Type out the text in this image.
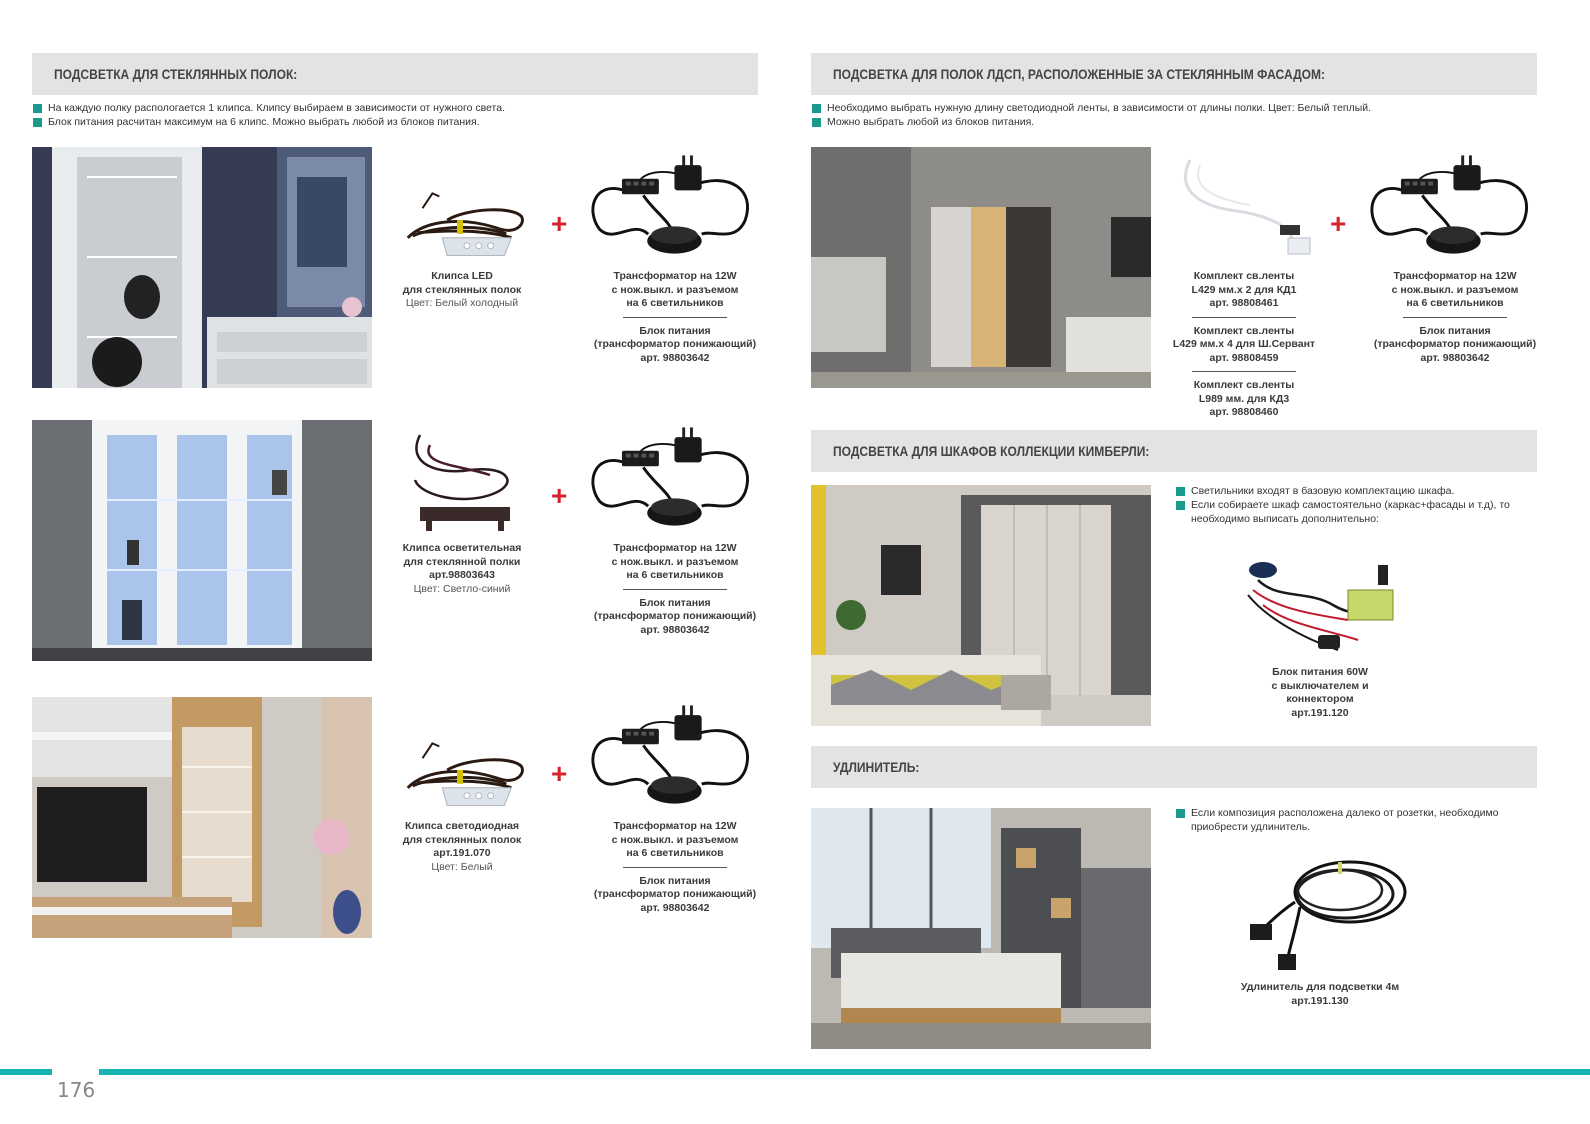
ПОДСВЕТКА ДЛЯ СТЕКЛЯННЫХ ПОЛОК:
На каждую полку распологается 1 клипса. Клипсу выбираем в зависимости от нужного света.
Блок питания расчитан максимум на 6 клипс. Можно выбрать любой из блоков питания.
+
Клипса LED
для стеклянных полок
Цвет: Белый холодный
Трансформатор на 12W
с нож.выкл. и разъемом
на 6 светильников
Блок питания
(трансформатор понижающий)
арт. 98803642
+
Клипса осветительная
для стеклянной полки
арт.98803643
Цвет: Светло-синий
Трансформатор на 12W
с нож.выкл. и разъемом
на 6 светильников
Блок питания
(трансформатор понижающий)
арт. 98803642
+
Клипса светодиодная
для стеклянных полок
арт.191.070
Цвет: Белый
Трансформатор на 12W
с нож.выкл. и разъемом
на 6 светильников
Блок питания
(трансформатор понижающий)
арт. 98803642
ПОДСВЕТКА ДЛЯ ПОЛОК ЛДСП, РАСПОЛОЖЕННЫЕ ЗА СТЕКЛЯННЫМ ФАСАДОМ:
Необходимо выбрать нужную длину светодиодной ленты, в зависимости от длины полки. Цвет: Белый теплый.
Можно выбрать любой из блоков питания.
+
Комплект св.ленты
L429 мм.х 2 для КД1
арт. 98808461
Комплект св.ленты
L429 мм.х 4 для Ш.Сервант
арт. 98808459
Комплект св.ленты
L989 мм. для КД3
арт. 98808460
Трансформатор на 12W
с нож.выкл. и разъемом
на 6 светильников
Блок питания
(трансформатор понижающий)
арт. 98803642
ПОДСВЕТКА ДЛЯ ШКАФОВ КОЛЛЕКЦИИ КИМБЕРЛИ:
Светильники входят в базовую комплектацию шкафа.
Если собираете шкаф самостоятельно (каркас+фасады и т.д), то необходимо выписать дополнительно:
Блок питания 60W
с выключателем и
коннектором
арт.191.120
УДЛИНИТЕЛЬ:
Если композиция расположена далеко от розетки, необходимо приобрести удлинитель.
Удлинитель для подсветки 4м
арт.191.130
176
